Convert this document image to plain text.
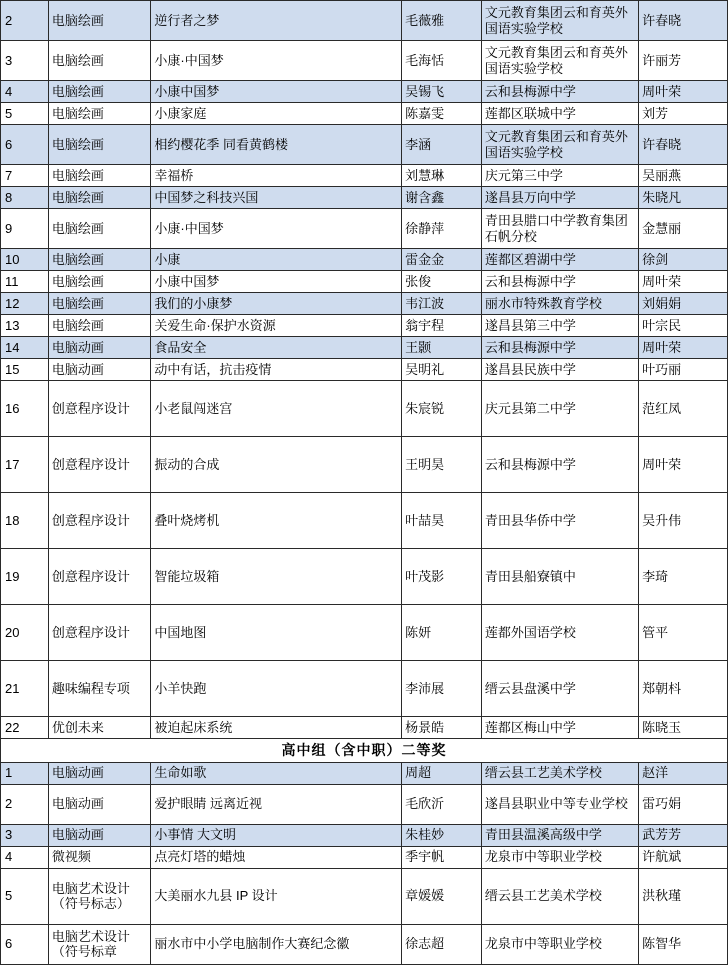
2	电脑绘画	逆行者之梦	毛薇雅	文元教育集团云和育英外国语实验学校	许春晓
3	电脑绘画	小康·中国梦	毛海恬	文元教育集团云和育英外国语实验学校	许丽芳
4	电脑绘画	小康中国梦	吴锡飞	云和县梅源中学	周叶荣
5	电脑绘画	小康家庭	陈嘉雯	莲都区联城中学	刘芳
6	电脑绘画	相约樱花季 同看黄鹤楼	李涵	文元教育集团云和育英外国语实验学校	许春晓
7	电脑绘画	幸福桥	刘慧琳	庆元第三中学	吴丽燕
8	电脑绘画	中国梦之科技兴国	谢含鑫	遂昌县万向中学	朱晓凡
9	电脑绘画	小康·中国梦	徐静萍	青田县腊口中学教育集团石帆分校	金慧丽
10	电脑绘画	小康	雷金金	莲都区碧湖中学	徐剑
11	电脑绘画	小康中国梦	张俊	云和县梅源中学	周叶荣
12	电脑绘画	我们的小康梦	韦江波	丽水市特殊教育学校	刘娟娟
13	电脑绘画	关爱生命·保护水资源	翁宇程	遂昌县第三中学	叶宗民
14	电脑动画	食品安全	王颢	云和县梅源中学	周叶荣
15	电脑动画	动中有话，抗击疫情	吴明礼	遂昌县民族中学	叶巧丽
16	创意程序设计	小老鼠闯迷宫	朱宸锐	庆元县第二中学	范红凤
17	创意程序设计	振动的合成	王明昊	云和县梅源中学	周叶荣
18	创意程序设计	叠叶烧烤机	叶喆昊	青田县华侨中学	吴升伟
19	创意程序设计	智能垃圾箱	叶茂影	青田县船寮镇中	李琦
20	创意程序设计	中国地图	陈妍	莲都外国语学校	管平
21	趣味编程专项	小羊快跑	李沛展	缙云县盘溪中学	郑朝枓
22	优创未来	被迫起床系统	杨景皓	莲都区梅山中学	陈晓玉
高中组（含中职）二等奖					
1	电脑动画	生命如歌	周超	缙云县工艺美术学校	赵洋
2	电脑动画	爱护眼睛 远离近视	毛欣沂	遂昌县职业中等专业学校	雷巧娟
3	电脑动画	小事情 大文明	朱桂妙	青田县温溪高级中学	武芳芳
4	微视频	点亮灯塔的蜡烛	季宇帆	龙泉市中等职业学校	许航斌
5	电脑艺术设计（符号标志）	大美丽水九县 IP 设计	章媛媛	缙云县工艺美术学校	洪秋瑾
6	电脑艺术设计（符号标章	丽水市中小学电脑制作大赛纪念徽	徐志超	龙泉市中等职业学校	陈智华
